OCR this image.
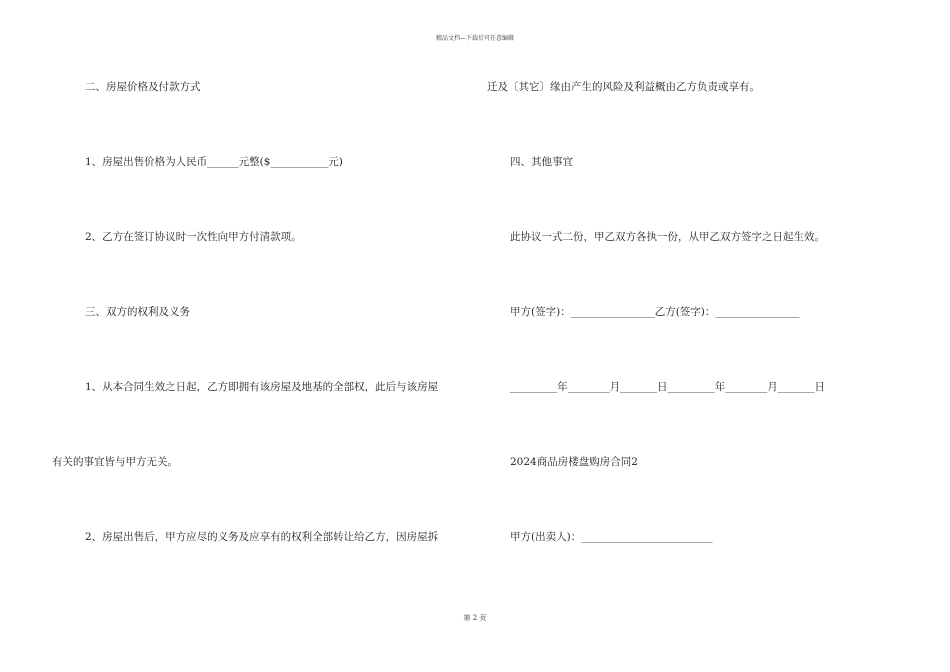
精品文档—下载后可任意编辑
二、房屋价格及付款方式
1、房屋出售价格为人民币______元整($___________元)
2、乙方在签订协议时一次性向甲方付清款项。
三、双方的权利及义务
1、从本合同生效之日起，乙方即拥有该房屋及地基的全部权，此后与该房屋
有关的事宜皆与甲方无关。
2、房屋出售后，甲方应尽的义务及应享有的权利全部转让给乙方，因房屋拆
迁及〔其它〕缘由产生的风险及利益概由乙方负责或享有。
四、其他事宜
此协议一式二份，甲乙双方各执一份，从甲乙双方签字之日起生效。
甲方(签字)：________________乙方(签字)：________________
_________年________月_______日_________年________月_______日
2024商品房楼盘购房合同2
甲方(出卖人)：_________________________
第 2 页
